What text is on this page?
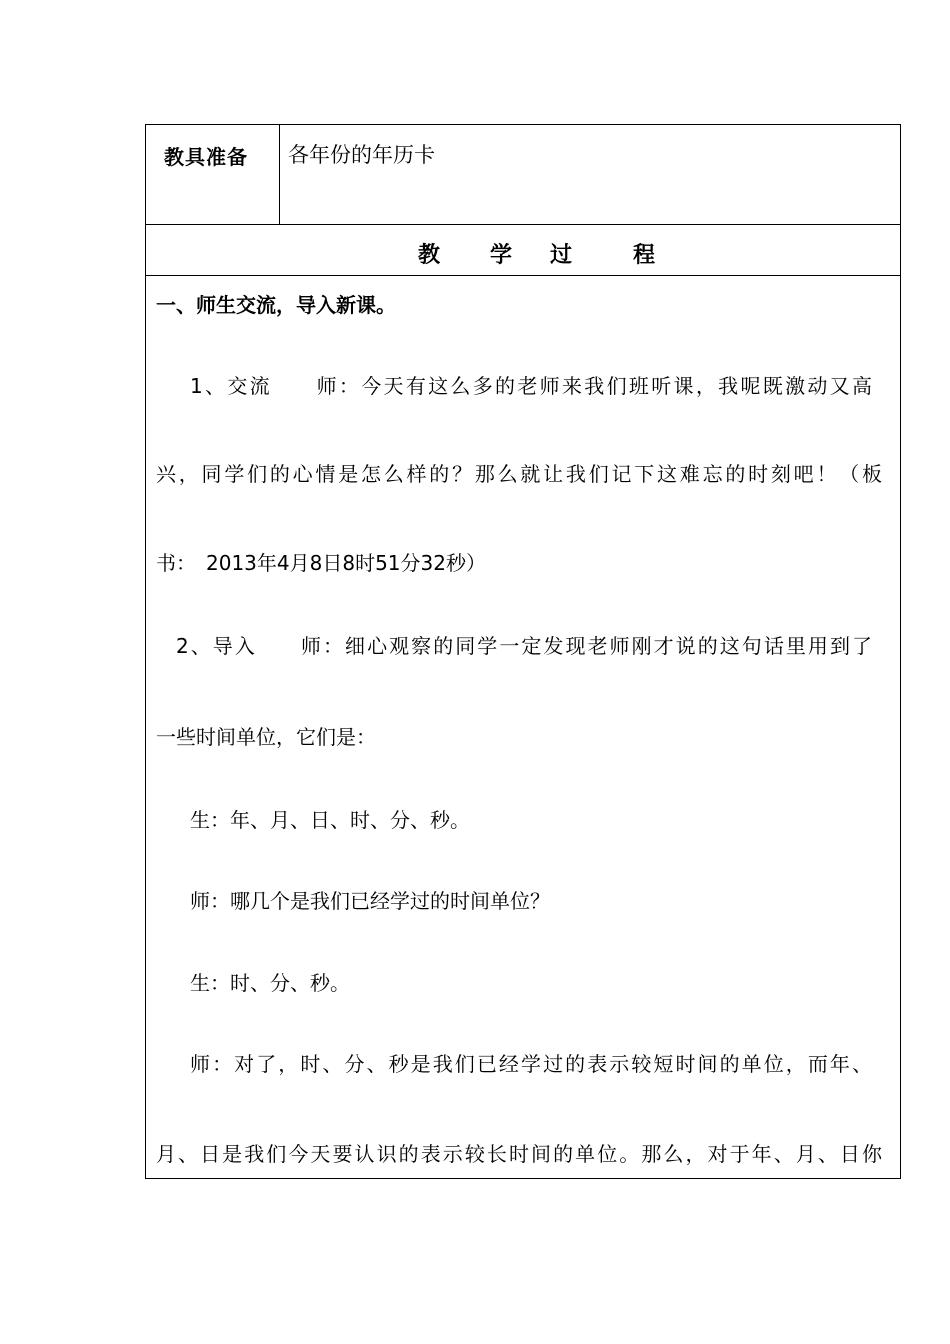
教具准备 各年份的年历卡
教 学 过	程
一、师生交流，导入新课。
1、交流　　师：今天有这么多的老师来我们班听课，我呢既激动又高
兴，同学们的心情是怎么样的？那么就让我们记下这难忘的时刻吧！（板
书：　2013年4月8日8时51分32秒）
2、导入　　师：细心观察的同学一定发现老师刚才说的这句话里用到了
一些时间单位，它们是：
生：年、月、日、时、分、秒。
师：哪几个是我们已经学过的时间单位？
生：时、分、秒。
师：对了，时、分、秒是我们已经学过的表示较短时间的单位，而年、
月、日是我们今天要认识的表示较长时间的单位。那么，对于年、月、日你
